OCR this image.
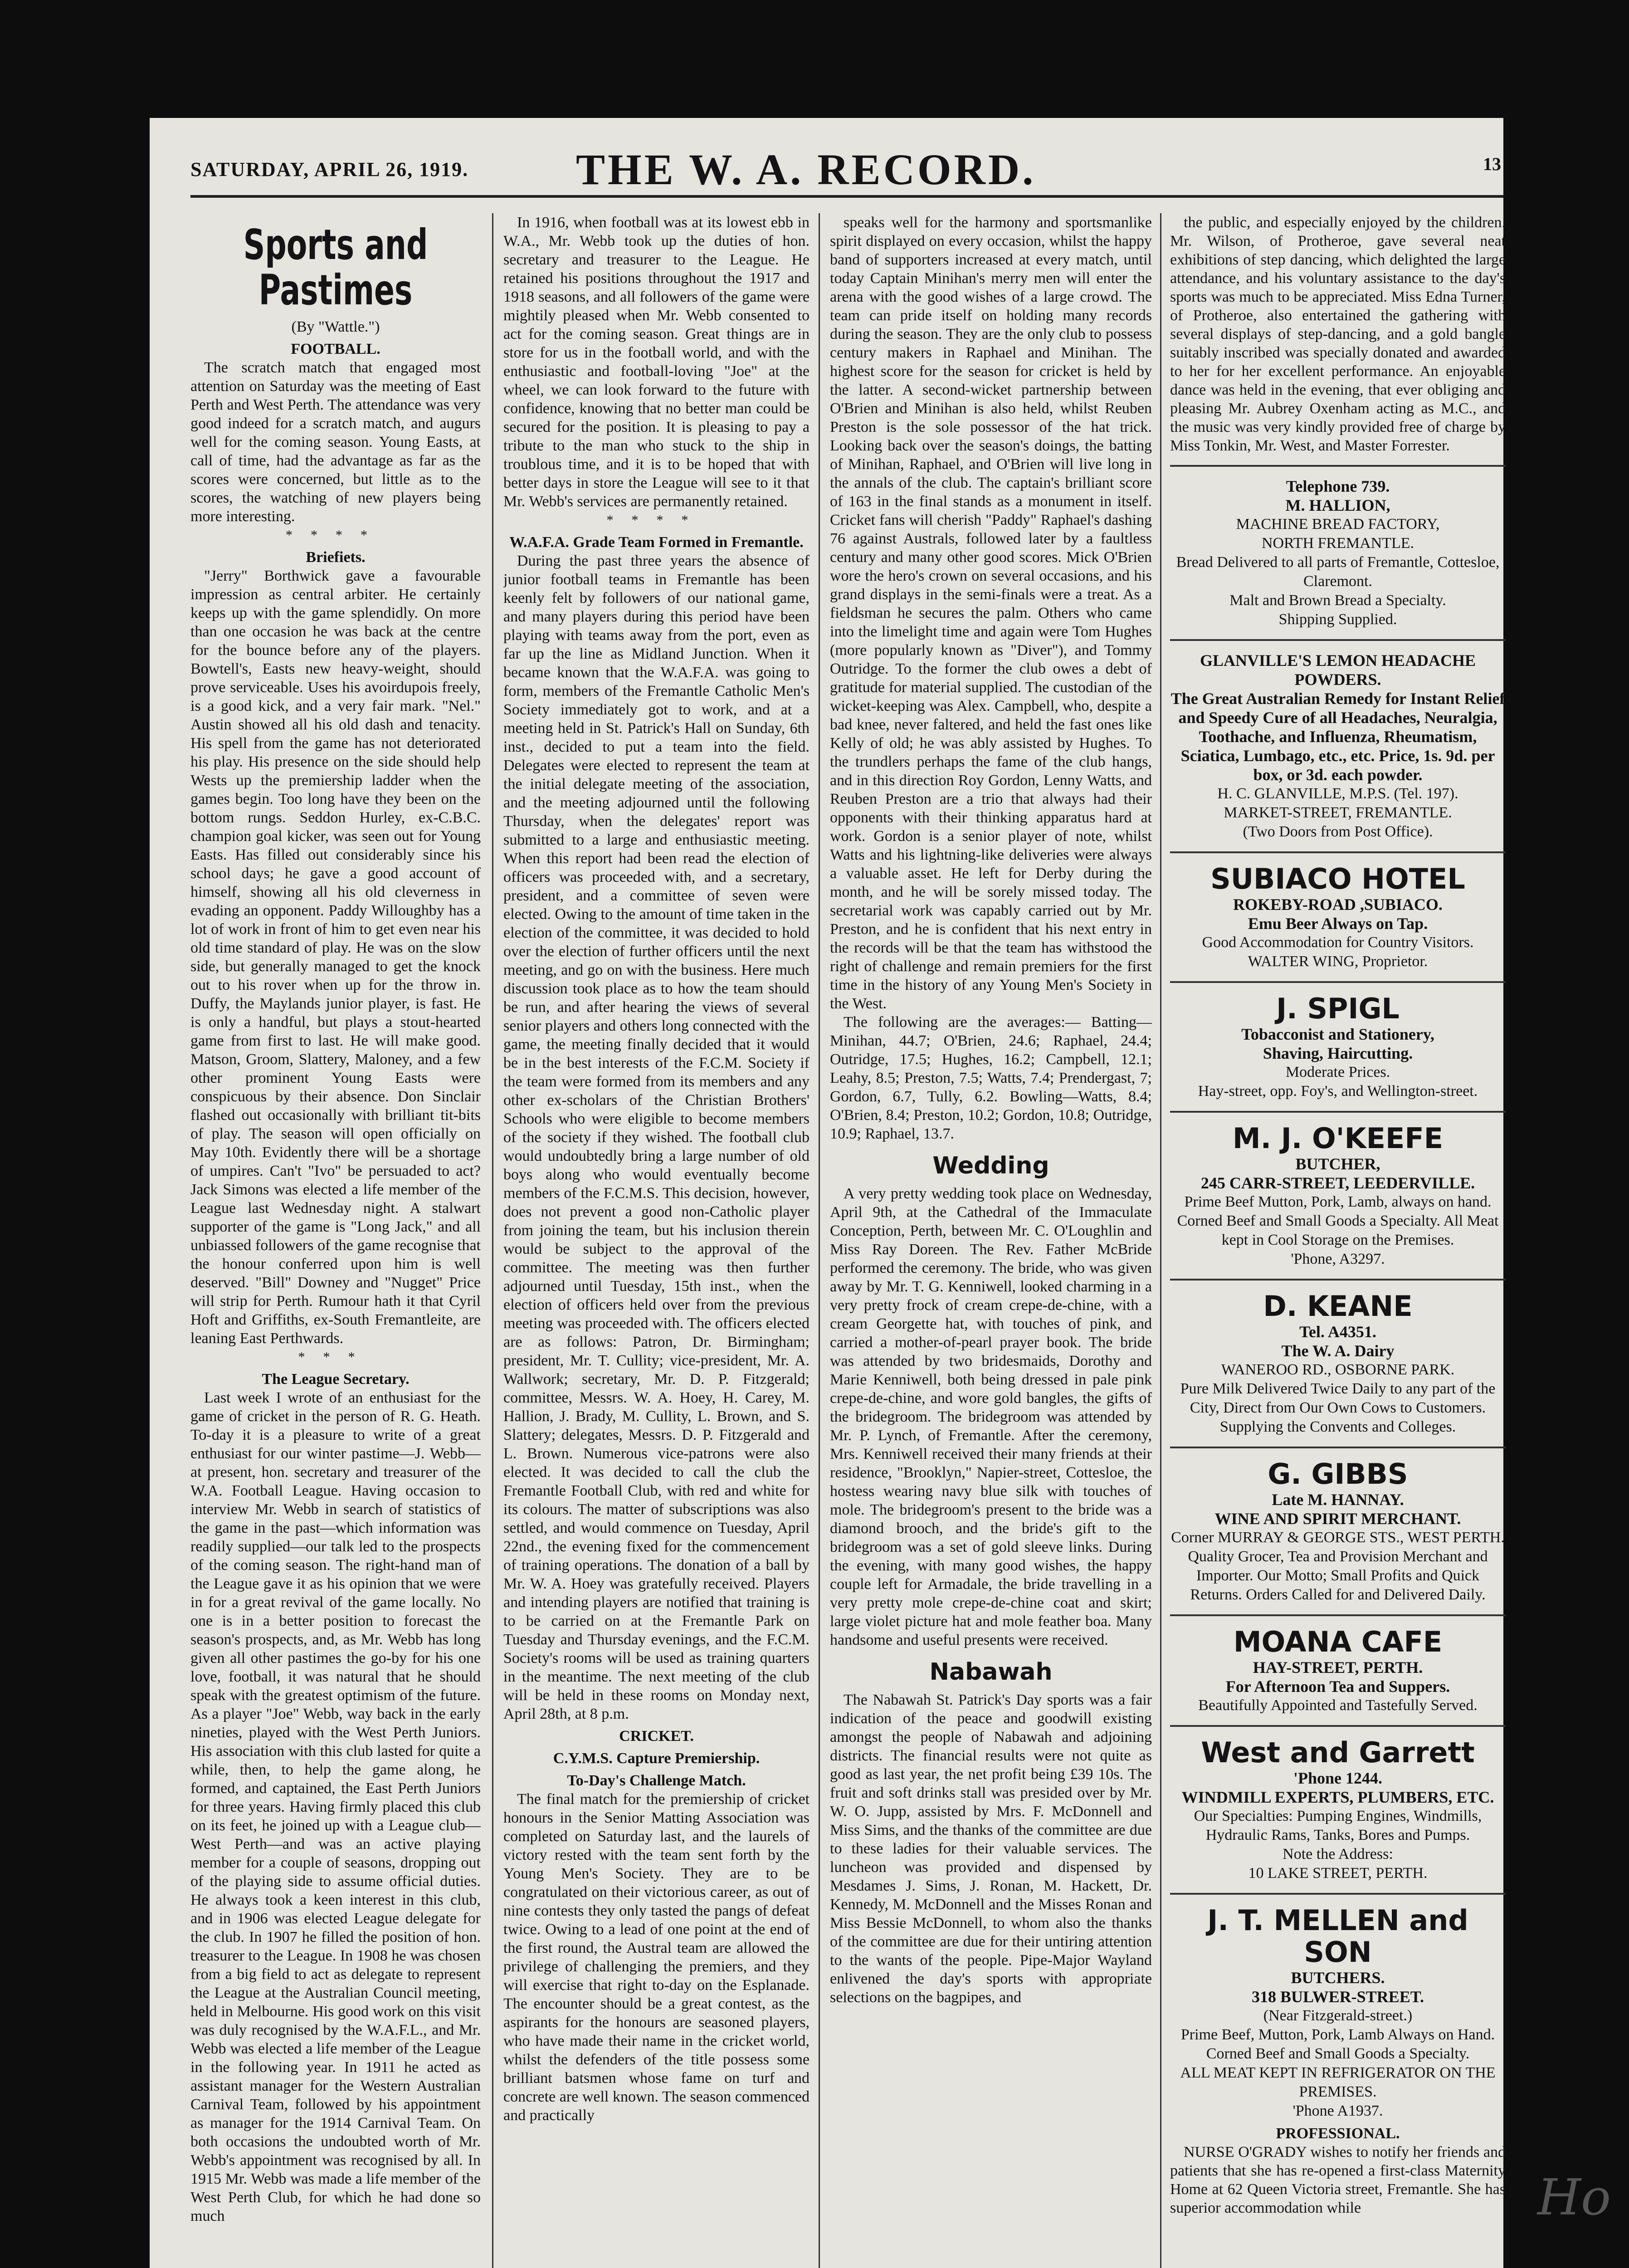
SATURDAY, APRIL 26, 1919. THE W. A. RECORD.	13
Sports and Pastimes
(By "Wattle.")
FOOTBALL.

The scratch match that engaged most attention on Saturday was the meeting of East Perth and West Perth. The attendance was very good indeed for a scratch match, and augurs well for the coming season. Young Easts, at call of time, had the advantage as far as the scores were concerned, but little as to the scores, the watching of new players being more interesting.

****
Briefiets.

"Jerry" Borthwick gave a favourable impression as central arbiter. He certainly keeps up with the game splendidly. On more than one occasion he was back at the centre for the bounce before any of the players. Bowtell's, Easts new heavy-weight, should prove serviceable. Uses his avoirdupois freely, is a good kick, and a very fair mark. "Nel." Austin showed all his old dash and tenacity. His spell from the game has not deteriorated his play. His presence on the side should help Wests up the premiership ladder when the games begin. Too long have they been on the bottom rungs. Seddon Hurley, ex-C.B.C. champion goal kicker, was seen out for Young Easts. Has filled out considerably since his school days; he gave a good account of himself, showing all his old cleverness in evading an opponent. Paddy Willoughby has a lot of work in front of him to get even near his old time standard of play. He was on the slow side, but generally managed to get the knock out to his rover when up for the throw in. Duffy, the Maylands junior player, is fast. He is only a handful, but plays a stout-hearted game from first to last. He will make good. Matson, Groom, Slattery, Maloney, and a few other prominent Young Easts were conspicuous by their absence. Don Sinclair flashed out occasionally with brilliant tit-bits of play. The season will open officially on May 10th. Evidently there will be a shortage of umpires. Can't "Ivo" be persuaded to act? Jack Simons was elected a life member of the League last Wednesday night. A stalwart supporter of the game is "Long Jack," and all unbiassed followers of the game recognise that the honour conferred upon him is well deserved. "Bill" Downey and "Nugget" Price will strip for Perth. Rumour hath it that Cyril Hoft and Griffiths, ex-South Fremantleite, are leaning East Perthwards.

***
The League Secretary.

Last week I wrote of an enthusiast for the game of cricket in the person of R. G. Heath. To-day it is a pleasure to write of a great enthusiast for our winter pastime—J. Webb—at present, hon. secretary and treasurer of the W.A. Football League. Having occasion to interview Mr. Webb in search of statistics of the game in the past—which information was readily supplied—our talk led to the prospects of the coming season. The right-hand man of the League gave it as his opinion that we were in for a great revival of the game locally. No one is in a better position to forecast the season's prospects, and, as Mr. Webb has long given all other pastimes the go-by for his one love, football, it was natural that he should speak with the greatest optimism of the future. As a player "Joe" Webb, way back in the early nineties, played with the West Perth Juniors. His association with this club lasted for quite a while, then, to help the game along, he formed, and captained, the East Perth Juniors for three years. Having firmly placed this club on its feet, he joined up with a League club—West Perth—and was an active playing member for a couple of seasons, dropping out of the playing side to assume official duties. He always took a keen interest in this club, and in 1906 was elected League delegate for the club. In 1907 he filled the position of hon. treasurer to the League. In 1908 he was chosen from a big field to act as delegate to represent the League at the Australian Council meeting, held in Melbourne. His good work on this visit was duly recognised by the W.A.F.L., and Mr. Webb was elected a life member of the League in the following year. In 1911 he acted as assistant manager for the Western Australian Carnival Team, followed by his appointment as manager for the 1914 Carnival Team. On both occasions the undoubted worth of Mr. Webb's appointment was recognised by all. In 1915 Mr. Webb was made a life member of the West Perth Club, for which he had done so much

In 1916, when football was at its lowest ebb in W.A., Mr. Webb took up the duties of hon. secretary and treasurer to the League. He retained his positions throughout the 1917 and 1918 seasons, and all followers of the game were mightily pleased when Mr. Webb consented to act for the coming season. Great things are in store for us in the football world, and with the enthusiastic and football-loving "Joe" at the wheel, we can look forward to the future with confidence, knowing that no better man could be secured for the position. It is pleasing to pay a tribute to the man who stuck to the ship in troublous time, and it is to be hoped that with better days in store the League will see to it that Mr. Webb's services are permanently retained.

****
W.A.F.A. Grade Team Formed in Fremantle.

During the past three years the absence of junior football teams in Fremantle has been keenly felt by followers of our national game, and many players during this period have been playing with teams away from the port, even as far up the line as Midland Junction. When it became known that the W.A.F.A. was going to form, members of the Fremantle Catholic Men's Society immediately got to work, and at a meeting held in St. Patrick's Hall on Sunday, 6th inst., decided to put a team into the field. Delegates were elected to represent the team at the initial delegate meeting of the association, and the meeting adjourned until the following Thursday, when the delegates' report was submitted to a large and enthusiastic meeting. When this report had been read the election of officers was proceeded with, and a secretary, president, and a committee of seven were elected. Owing to the amount of time taken in the election of the committee, it was decided to hold over the election of further officers until the next meeting, and go on with the business. Here much discussion took place as to how the team should be run, and after hearing the views of several senior players and others long connected with the game, the meeting finally decided that it would be in the best interests of the F.C.M. Society if the team were formed from its members and any other ex-scholars of the Christian Brothers' Schools who were eligible to become members of the society if they wished. The football club would undoubtedly bring a large number of old boys along who would eventually become members of the F.C.M.S. This decision, however, does not prevent a good non-Catholic player from joining the team, but his inclusion therein would be subject to the approval of the committee. The meeting was then further adjourned until Tuesday, 15th inst., when the election of officers held over from the previous meeting was proceeded with. The officers elected are as follows: Patron, Dr. Birmingham; president, Mr. T. Cullity; vice-president, Mr. A. Wallwork; secretary, Mr. D. P. Fitzgerald; committee, Messrs. W. A. Hoey, H. Carey, M. Hallion, J. Brady, M. Cullity, L. Brown, and S. Slattery; delegates, Messrs. D. P. Fitzgerald and L. Brown. Numerous vice-patrons were also elected. It was decided to call the club the Fremantle Football Club, with red and white for its colours. The matter of subscriptions was also settled, and would commence on Tuesday, April 22nd., the evening fixed for the commencement of training operations. The donation of a ball by Mr. W. A. Hoey was gratefully received. Players and intending players are notified that training is to be carried on at the Fremantle Park on Tuesday and Thursday evenings, and the F.C.M. Society's rooms will be used as training quarters in the meantime. The next meeting of the club will be held in these rooms on Monday next, April 28th, at 8 p.m.

CRICKET.
C.Y.M.S. Capture Premiership.
To-Day's Challenge Match.

The final match for the premiership of cricket honours in the Senior Matting Association was completed on Saturday last, and the laurels of victory rested with the team sent forth by the Young Men's Society. They are to be congratulated on their victorious career, as out of nine contests they only tasted the pangs of defeat twice. Owing to a lead of one point at the end of the first round, the Austral team are allowed the privilege of challenging the premiers, and they will exercise that right to-day on the Esplanade. The encounter should be a great contest, as the aspirants for the honours are seasoned players, who have made their name in the cricket world, whilst the defenders of the title possess some brilliant batsmen whose fame on turf and concrete are well known. The season commenced and practically

speaks well for the harmony and sportsmanlike spirit displayed on every occasion, whilst the happy band of supporters increased at every match, until today Captain Minihan's merry men will enter the arena with the good wishes of a large crowd. The team can pride itself on holding many records during the season. They are the only club to possess century makers in Raphael and Minihan. The highest score for the season for cricket is held by the latter. A second-wicket partnership between O'Brien and Minihan is also held, whilst Reuben Preston is the sole possessor of the hat trick. Looking back over the season's doings, the batting of Minihan, Raphael, and O'Brien will live long in the annals of the club. The captain's brilliant score of 163 in the final stands as a monument in itself. Cricket fans will cherish "Paddy" Raphael's dashing 76 against Australs, followed later by a faultless century and many other good scores. Mick O'Brien wore the hero's crown on several occasions, and his grand displays in the semi-finals were a treat. As a fieldsman he secures the palm. Others who came into the limelight time and again were Tom Hughes (more popularly known as "Diver"), and Tommy Outridge. To the former the club owes a debt of gratitude for material supplied. The custodian of the wicket-keeping was Alex. Campbell, who, despite a bad knee, never faltered, and held the fast ones like Kelly of old; he was ably assisted by Hughes. To the trundlers perhaps the fame of the club hangs, and in this direction Roy Gordon, Lenny Watts, and Reuben Preston are a trio that always had their opponents with their thinking apparatus hard at work. Gordon is a senior player of note, whilst Watts and his lightning-like deliveries were always a valuable asset. He left for Derby during the month, and he will be sorely missed today. The secretarial work was capably carried out by Mr. Preston, and he is confident that his next entry in the records will be that the team has withstood the right of challenge and remain premiers for the first time in the history of any Young Men's Society in the West.

The following are the averages:— Batting—Minihan, 44.7; O'Brien, 24.6; Raphael, 24.4; Outridge, 17.5; Hughes, 16.2; Campbell, 12.1; Leahy, 8.5; Preston, 7.5; Watts, 7.4; Prendergast, 7; Gordon, 6.7, Tully, 6.2. Bowling—Watts, 8.4; O'Brien, 8.4; Preston, 10.2; Gordon, 10.8; Outridge, 10.9; Raphael, 13.7.

Wedding

A very pretty wedding took place on Wednesday, April 9th, at the Cathedral of the Immaculate Conception, Perth, between Mr. C. O'Loughlin and Miss Ray Doreen. The Rev. Father McBride performed the ceremony. The bride, who was given away by Mr. T. G. Kenniwell, looked charming in a very pretty frock of cream crepe-de-chine, with a cream Georgette hat, with touches of pink, and carried a mother-of-pearl prayer book. The bride was attended by two bridesmaids, Dorothy and Marie Kenniwell, both being dressed in pale pink crepe-de-chine, and wore gold bangles, the gifts of the bridegroom. The bridegroom was attended by Mr. P. Lynch, of Fremantle. After the ceremony, Mrs. Kenniwell received their many friends at their residence, "Brooklyn," Napier-street, Cottesloe, the hostess wearing navy blue silk with touches of mole. The bridegroom's present to the bride was a diamond brooch, and the bride's gift to the bridegroom was a set of gold sleeve links. During the evening, with many good wishes, the happy couple left for Armadale, the bride travelling in a very pretty mole crepe-de-chine coat and skirt; large violet picture hat and mole feather boa. Many handsome and useful presents were received.

Nabawah

The Nabawah St. Patrick's Day sports was a fair indication of the peace and goodwill existing amongst the people of Nabawah and adjoining districts. The financial results were not quite as good as last year, the net profit being £39 10s. The fruit and soft drinks stall was presided over by Mr. W. O. Jupp, assisted by Mrs. F. McDonnell and Miss Sims, and the thanks of the committee are due to these ladies for their valuable services. The luncheon was provided and dispensed by Mesdames J. Sims, J. Ronan, M. Hackett, Dr. Kennedy, M. McDonnell and the Misses Ronan and Miss Bessie McDonnell, to whom also the thanks of the committee are due for their untiring attention to the wants of the people. Pipe-Major Wayland enlivened the day's sports with appropriate selections on the bagpipes, and

the public, and especially enjoyed by the children. Mr. Wilson, of Protheroe, gave several neat exhibitions of step dancing, which delighted the large attendance, and his voluntary assistance to the day's sports was much to be appreciated. Miss Edna Turner, of Protheroe, also entertained the gathering with several displays of step-dancing, and a gold bangle suitably inscribed was specially donated and awarded to her for her excellent performance. An enjoyable dance was held in the evening, that ever obliging and pleasing Mr. Aubrey Oxenham acting as M.C., and the music was very kindly provided free of charge by Miss Tonkin, Mr. West, and Master Forrester.

Telephone 739.
M. HALLION,
MACHINE BREAD FACTORY,
NORTH FREMANTLE.
Bread Delivered to all parts of Fremantle, Cottesloe, Claremont.
Malt and Brown Bread a Specialty.
Shipping Supplied.
GLANVILLE'S LEMON HEADACHE POWDERS.
The Great Australian Remedy for Instant Relief and Speedy Cure of all Headaches, Neuralgia, Toothache, and Influenza, Rheumatism, Sciatica, Lumbago, etc., etc. Price, 1s. 9d. per box, or 3d. each powder.
H. C. GLANVILLE, M.P.S. (Tel. 197).
MARKET-STREET, FREMANTLE.
(Two Doors from Post Office).
SUBIACO HOTEL
ROKEBY-ROAD ,SUBIACO.
Emu Beer Always on Tap.
Good Accommodation for Country Visitors.
WALTER WING, Proprietor.
J. SPIGL
Tobacconist and Stationery,
Shaving, Haircutting.
Moderate Prices.
Hay-street, opp. Foy's, and Wellington-street.
M. J. O'KEEFE
BUTCHER,
245 CARR-STREET, LEEDERVILLE.
Prime Beef Mutton, Pork, Lamb, always on hand. Corned Beef and Small Goods a Specialty. All Meat kept in Cool Storage on the Premises.
'Phone, A3297.
D. KEANE
Tel. A4351.
The W. A. Dairy
WANEROO RD., OSBORNE PARK.
Pure Milk Delivered Twice Daily to any part of the City, Direct from Our Own Cows to Customers.
Supplying the Convents and Colleges.
G. GIBBS
Late M. HANNAY.
WINE AND SPIRIT MERCHANT.
Corner MURRAY & GEORGE STS., WEST PERTH.
Quality Grocer, Tea and Provision Merchant and Importer. Our Motto; Small Profits and Quick Returns. Orders Called for and Delivered Daily.
MOANA CAFE
HAY-STREET, PERTH.
For Afternoon Tea and Suppers.
Beautifully Appointed and Tastefully Served.
West and Garrett
'Phone 1244.
WINDMILL EXPERTS, PLUMBERS, ETC.
Our Specialties: Pumping Engines, Windmills, Hydraulic Rams, Tanks, Bores and Pumps.
Note the Address:
10 LAKE STREET, PERTH.
J. T. MELLEN and SON
BUTCHERS.
318 BULWER-STREET.
(Near Fitzgerald-street.)
Prime Beef, Mutton, Pork, Lamb Always on Hand. Corned Beef and Small Goods a Specialty.
ALL MEAT KEPT IN REFRIGERATOR ON THE PREMISES.
'Phone A1937.
PROFESSIONAL.

NURSE O'GRADY wishes to notify her friends and patients that she has re-opened a first-class Maternity Home at 62 Queen Victoria street, Fremantle. She has superior accommodation while	Ho
